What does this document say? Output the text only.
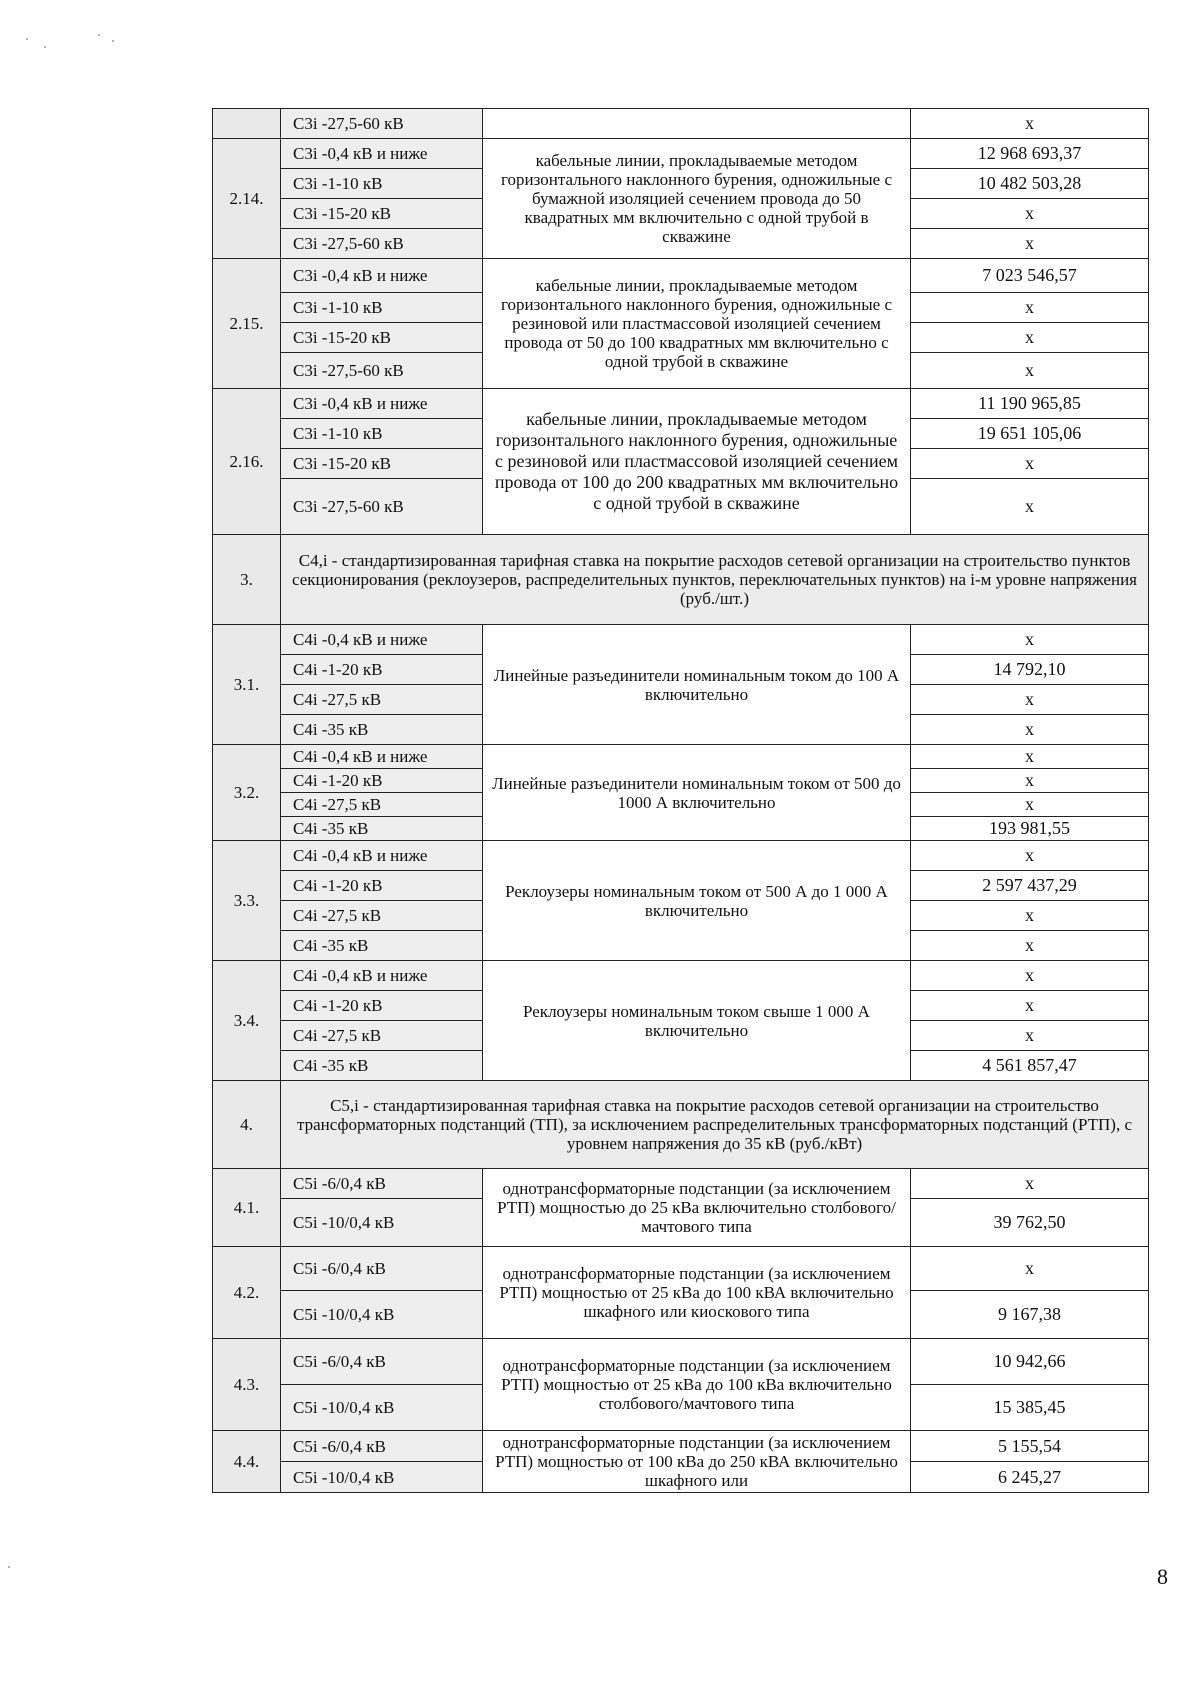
	C3i -27,5-60 кВ		x
2.14.	C3i -0,4 кВ и ниже	кабельные линии, прокладываемые методом горизонтального наклонного бурения, одножильные с бумажной изоляцией сечением провода до 50 квадратных мм включительно с одной трубой в скважине	12 968 693,37
	C3i -1-10 кВ		10 482 503,28
	C3i -15-20 кВ		x
	C3i -27,5-60 кВ		x
2.15.	C3i -0,4 кВ и ниже	кабельные линии, прокладываемые методом горизонтального наклонного бурения, одножильные с резиновой или пластмассовой изоляцией сечением провода от 50 до 100 квадратных мм включительно с одной трубой в скважине	7 023 546,57
	C3i -1-10 кВ		x
	C3i -15-20 кВ		x
	C3i -27,5-60 кВ		x
2.16.	C3i -0,4 кВ и ниже	кабельные линии, прокладываемые методом горизонтального наклонного бурения, одножильные с резиновой или пластмассовой изоляцией сечением провода от 100 до 200 квадратных мм включительно с одной трубой в скважине	11 190 965,85
	C3i -1-10 кВ		19 651 105,06
	C3i -15-20 кВ		x
	C3i -27,5-60 кВ		x
3.	C4,i - стандартизированная тарифная ставка на покрытие расходов сетевой организации на строительство пунктов секционирования (реклоузеров, распределительных пунктов, переключательных пунктов) на i-м уровне напряжения (руб./шт.)		
3.1.	C4i -0,4 кВ и ниже	Линейные разъединители номинальным током до 100 А включительно	x
	C4i -1-20 кВ		14 792,10
	C4i -27,5 кВ		x
	C4i -35 кВ		x
3.2.	C4i -0,4 кВ и ниже	Линейные разъединители номинальным током от 500 до 1000 А включительно	x
	C4i -1-20 кВ		x
	C4i -27,5 кВ		x
	C4i -35 кВ		193 981,55
3.3.	C4i -0,4 кВ и ниже	Реклоузеры номинальным током от 500 А до 1 000 А включительно	x
	C4i -1-20 кВ		2 597 437,29
	C4i -27,5 кВ		x
	C4i -35 кВ		x
3.4.	C4i -0,4 кВ и ниже	Реклоузеры номинальным током свыше 1 000 А включительно	x
	C4i -1-20 кВ		x
	C4i -27,5 кВ		x
	C4i -35 кВ		4 561 857,47
4.	C5,i - стандартизированная тарифная ставка на покрытие расходов сетевой организации на строительство трансформаторных подстанций (ТП), за исключением распределительных трансформаторных подстанций (РТП), с уровнем напряжения до 35 кВ (руб./кВт)		
4.1.	C5i -6/0,4 кВ	однотрансформаторные подстанции (за исключением РТП) мощностью до 25 кВа включительно столбового/мачтового типа	x
	C5i -10/0,4 кВ		39 762,50
4.2.	C5i -6/0,4 кВ	однотрансформаторные подстанции (за исключением РТП) мощностью от 25 кВа до 100 кВА включительно шкафного или киоскового типа	x
	C5i -10/0,4 кВ		9 167,38
4.3.	C5i -6/0,4 кВ	однотрансформаторные подстанции (за исключением РТП) мощностью от 25 кВа до 100 кВа включительно столбового/мачтового типа	10 942,66
	C5i -10/0,4 кВ		15 385,45
4.4.	C5i -6/0,4 кВ	однотрансформаторные подстанции (за исключением РТП) мощностью от 100 кВа до 250 кВА включительно шкафного или	5 155,54
	C5i -10/0,4 кВ		6 245,27
8
